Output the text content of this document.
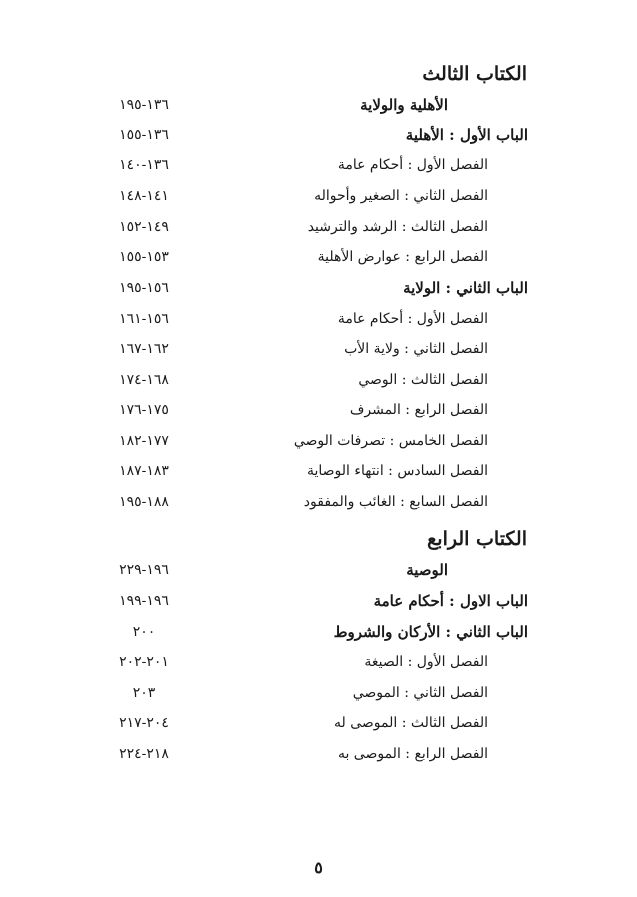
الكتاب الثالث
الأهلية والولاية
١٣٦-١٩٥
الباب الأول : الأهلية
١٣٦-١٥٥
الفصل الأول : أحكام عامة
١٣٦-١٤٠
الفصل الثاني : الصغير وأحواله
١٤١-١٤٨
الفصل الثالث : الرشد والترشيد
١٤٩-١٥٢
الفصل الرابع : عوارض الأهلية
١٥٣-١٥٥
الباب الثاني : الولاية
١٥٦-١٩٥
الفصل الأول : أحكام عامة
١٥٦-١٦١
الفصل الثاني : ولاية الأب
١٦٢-١٦٧
الفصل الثالث : الوصي
١٦٨-١٧٤
الفصل الرابع : المشرف
١٧٥-١٧٦
الفصل الخامس : تصرفات الوصي
١٧٧-١٨٢
الفصل السادس : انتهاء الوصاية
١٨٣-١٨٧
الفصل السابع : الغائب والمفقود
١٨٨-١٩٥
الكتاب الرابع
الوصية
١٩٦-٢٢٩
الباب الاول : أحكام عامة
١٩٦-١٩٩
الباب الثاني : الأركان والشروط
٢٠٠
الفصل الأول : الصيغة
٢٠١-٢٠٢
الفصل الثاني : الموصي
٢٠٣
الفصل الثالث : الموصى له
٢٠٤-٢١٧
الفصل الرابع : الموصى به
٢١٨-٢٢٤
٥
